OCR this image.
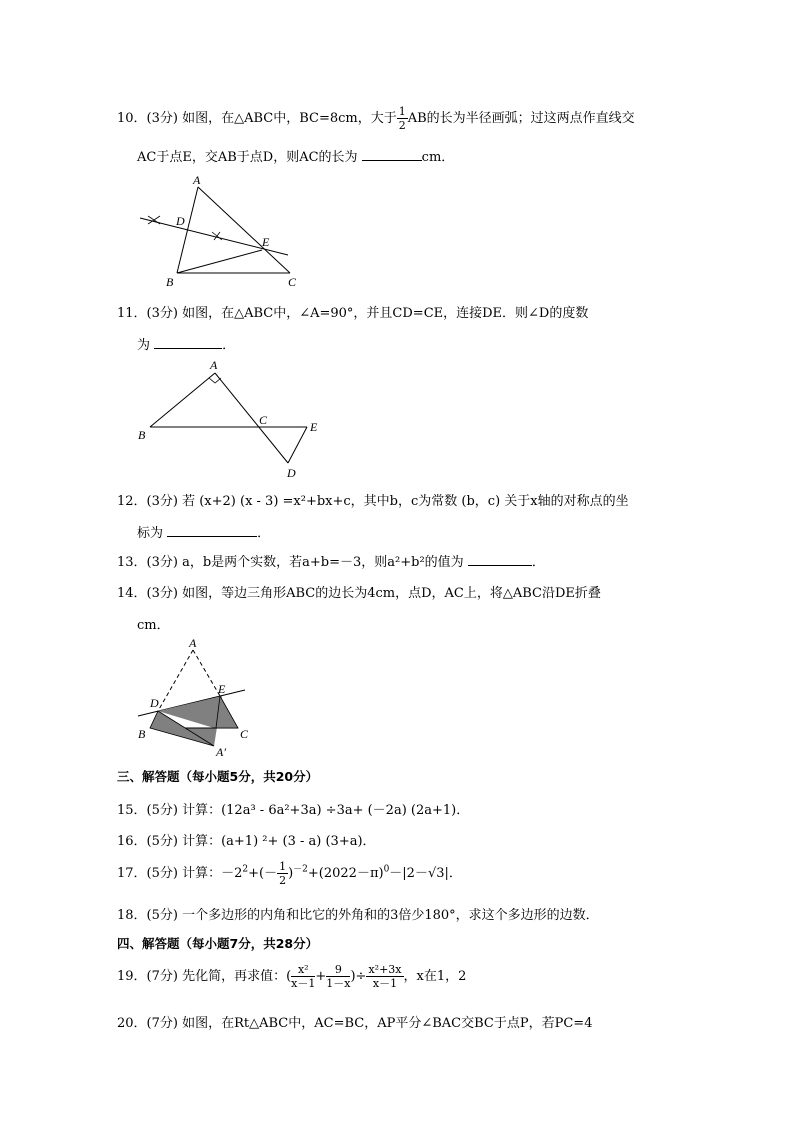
10．(3分) 如图，在△ABC中，BC=8cm，大于 $\frac{1}{2}$ AB的长为半径画弧；过这两点作直线交
AC于点E，交AB于点D，则AC的长为	cm．
A
B	C
D
E
11．(3分) 如图，在△ABC中，∠A=90°，并且CD=CE，连接DE．则∠D的度数
为	．
A
B
C
D
E
12．(3分) 若 (x+2) (x - 3) =x²+bx+c，其中b，c为常数 (b，c) 关于x轴的对称点的坐
标为	．
13．(3分) a，b是两个实数，若a+b=－3，则a²+b²的值为	．
14．(3分) 如图，等边三角形ABC的边长为4cm，点D，AC上，将△ABC沿DE折叠
cm．
A
B	C
D
E
A′
三、解答题（每小题5分，共20分）
15．(5分) 计算：(12a³ - 6a²+3a) ÷3a+ (－2a) (2a+1)．
16．(5分) 计算：(a+1) ²+ (3 - a) (3+a)．
17．(5分) 计算：$-2^2+(- \frac{1}{2} )^{-2}+(2022-\pi)^0-|2-√3|$．
18．(5分) 一个多边形的内角和比它的外角和的3倍少180°，求这个多边形的边数．
四、解答题（每小题7分，共28分）
19．(7分) 先化简，再求值：( $\frac{\text{x²}}{x-1} + \frac{9}{1-x}$ )÷ $\frac{\text{x²+3x}}{x-1}$ ，x在1，2
20．(7分) 如图，在Rt△ABC中，AC=BC，AP平分∠BAC交BC于点P，若PC=4
